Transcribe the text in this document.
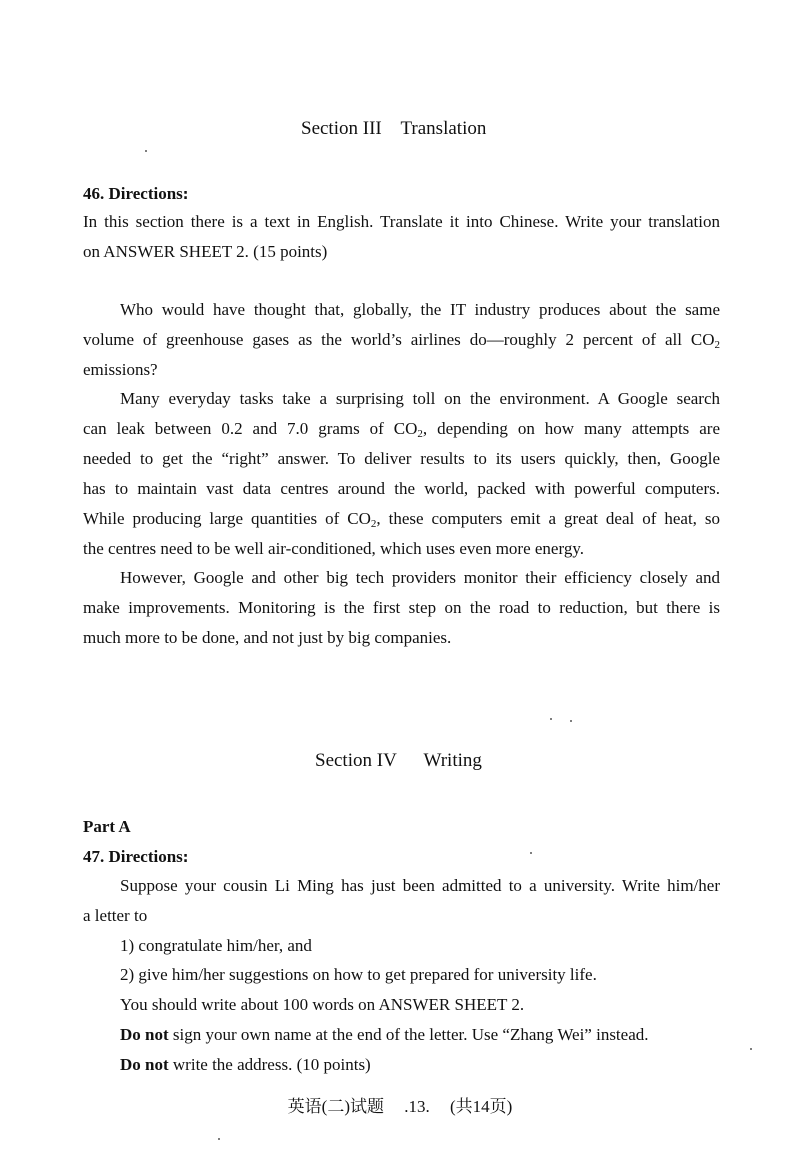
Section III Translation
46. Directions:
In this section there is a text in English. Translate it into Chinese. Write your translation
on ANSWER SHEET 2. (15 points)
Who would have thought that, globally, the IT industry produces about the same
volume of greenhouse gases as the world’s airlines do—roughly 2 percent of all $CO_2$
emissions?
Many everyday tasks take a surprising toll on the environment. A Google search
can leak between 0.2 and 7.0 grams of $CO_2$, depending on how many attempts are
needed to get the “right” answer. To deliver results to its users quickly, then, Google
has to maintain vast data centres around the world, packed with powerful computers.
While producing large quantities of $CO_2$, these computers emit a great deal of heat, so
the centres need to be well air-conditioned, which uses even more energy.
However, Google and other big tech providers monitor their efficiency closely and
make improvements. Monitoring is the first step on the road to reduction, but there is
much more to be done, and not just by big companies.
Section IV Writing
Part A
47. Directions:
Suppose your cousin Li Ming has just been admitted to a university. Write him/her
a letter to
1) congratulate him/her, and
2) give him/her suggestions on how to get prepared for university life.
You should write about 100 words on ANSWER SHEET 2.
Do not sign your own name at the end of the letter. Use “Zhang Wei” instead.
Do not write the address. (10 points)
英语(二)试题 .13. (共14页)
